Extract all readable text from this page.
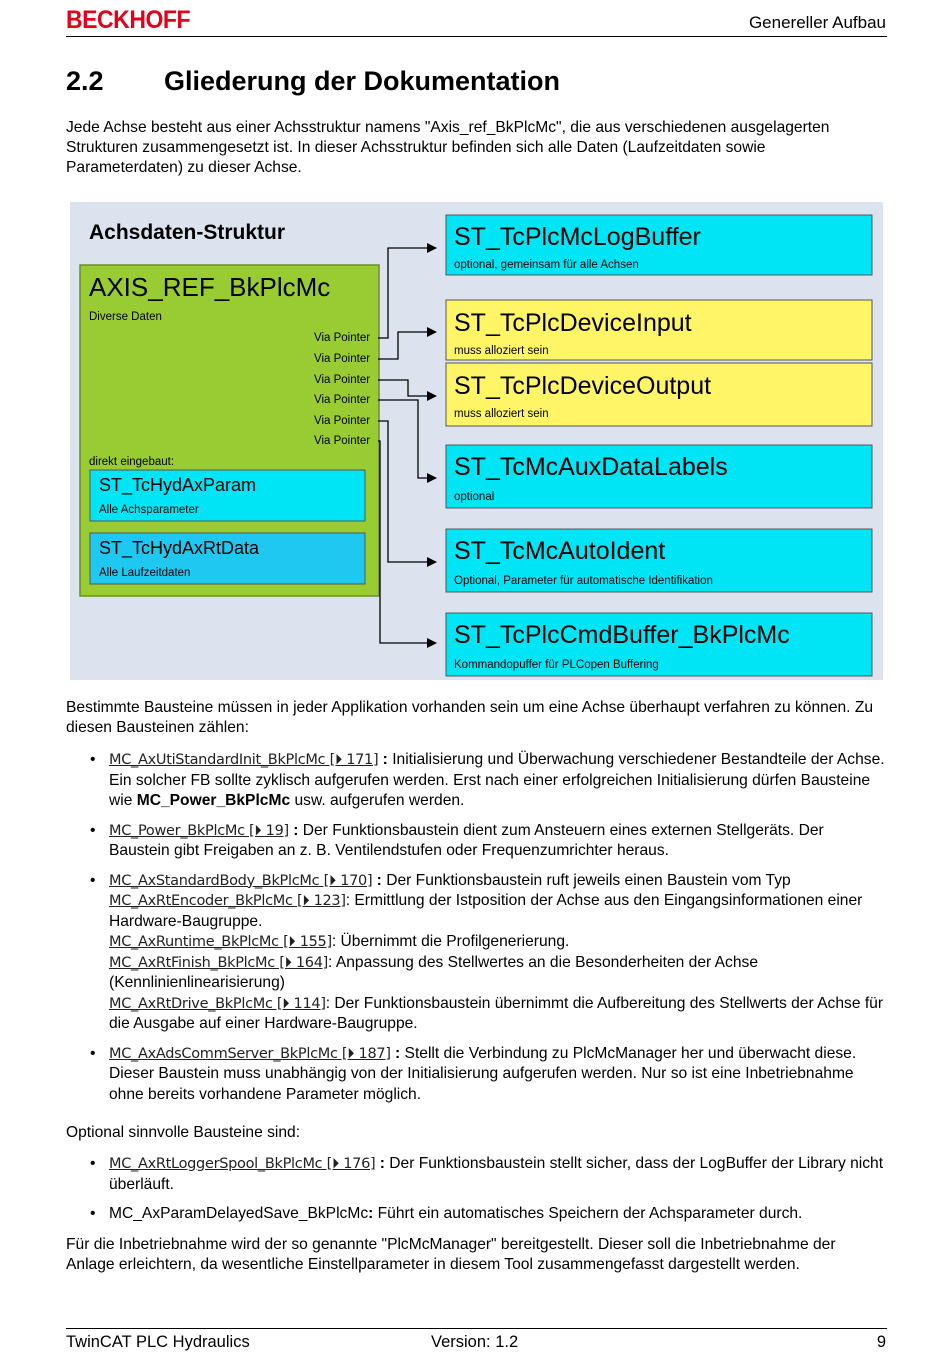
BECKHOFF	Genereller Aufbau
2.2 Gliederung der Dokumentation
Jede Achse besteht aus einer Achsstruktur namens "Axis_ref_BkPlcMc", die aus verschiedenen ausgelagerten Strukturen zusammengesetzt ist. In dieser Achsstruktur befinden sich alle Daten (Laufzeitdaten sowie Parameterdaten) zu dieser Achse.
Achsdaten-Struktur
AXIS_REF_BkPlcMc
Diverse Daten
Via Pointer
Via Pointer
Via Pointer
Via Pointer
Via Pointer
Via Pointer
direkt eingebaut:
ST_TcHydAxParam
Alle Achsparameter
ST_TcHydAxRtData
Alle Laufzeitdaten
ST_TcPlcMcLogBuffer
optional, gemeinsam für alle Achsen
ST_TcPlcDeviceInput
muss alloziert sein
ST_TcPlcDeviceOutput
muss alloziert sein
ST_TcMcAuxDataLabels
optional
ST_TcMcAutoIdent
Optional, Parameter für automatische Identifikation
ST_TcPlcCmdBuffer_BkPlcMc
Kommandopuffer für PLCopen Buffering
Bestimmte Bausteine müssen in jeder Applikation vorhanden sein um eine Achse überhaupt verfahren zu können. Zu diesen Bausteinen zählen:
• MC_AxUtiStandardInit_BkPlcMc [⏵ 171] : Initialisierung und Überwachung verschiedener Bestandteile der Achse. Ein solcher FB sollte zyklisch aufgerufen werden. Erst nach einer erfolgreichen Initialisierung dürfen Bausteine wie MC_Power_BkPlcMc usw. aufgerufen werden.
• MC_Power_BkPlcMc [⏵ 19] : Der Funktionsbaustein dient zum Ansteuern eines externen Stellgeräts. Der Baustein gibt Freigaben an z. B. Ventilendstufen oder Frequenzumrichter heraus.
• MC_AxStandardBody_BkPlcMc [⏵ 170] : Der Funktionsbaustein ruft jeweils einen Baustein vom Typ
MC_AxRtEncoder_BkPlcMc [⏵ 123]: Ermittlung der Istposition der Achse aus den Eingangsinformationen einer Hardware-Baugruppe.
MC_AxRuntime_BkPlcMc [⏵ 155]: Übernimmt die Profilgenerierung.
MC_AxRtFinish_BkPlcMc [⏵ 164]: Anpassung des Stellwertes an die Besonderheiten der Achse (Kennlinienlinearisierung)
MC_AxRtDrive_BkPlcMc [⏵ 114]: Der Funktionsbaustein übernimmt die Aufbereitung des Stellwerts der Achse für die Ausgabe auf einer Hardware-Baugruppe.
• MC_AxAdsCommServer_BkPlcMc [⏵ 187] : Stellt die Verbindung zu PlcMcManager her und überwacht diese. Dieser Baustein muss unabhängig von der Initialisierung aufgerufen werden. Nur so ist eine Inbetriebnahme ohne bereits vorhandene Parameter möglich.
Optional sinnvolle Bausteine sind:
• MC_AxRtLoggerSpool_BkPlcMc [⏵ 176] : Der Funktionsbaustein stellt sicher, dass der LogBuffer der Library nicht überläuft.
• MC_AxParamDelayedSave_BkPlcMc: Führt ein automatisches Speichern der Achsparameter durch.
Für die Inbetriebnahme wird der so genannte "PlcMcManager" bereitgestellt. Dieser soll die Inbetriebnahme der Anlage erleichtern, da wesentliche Einstellparameter in diesem Tool zusammengefasst dargestellt werden.
TwinCAT PLC Hydraulics	Version: 1.2	9
